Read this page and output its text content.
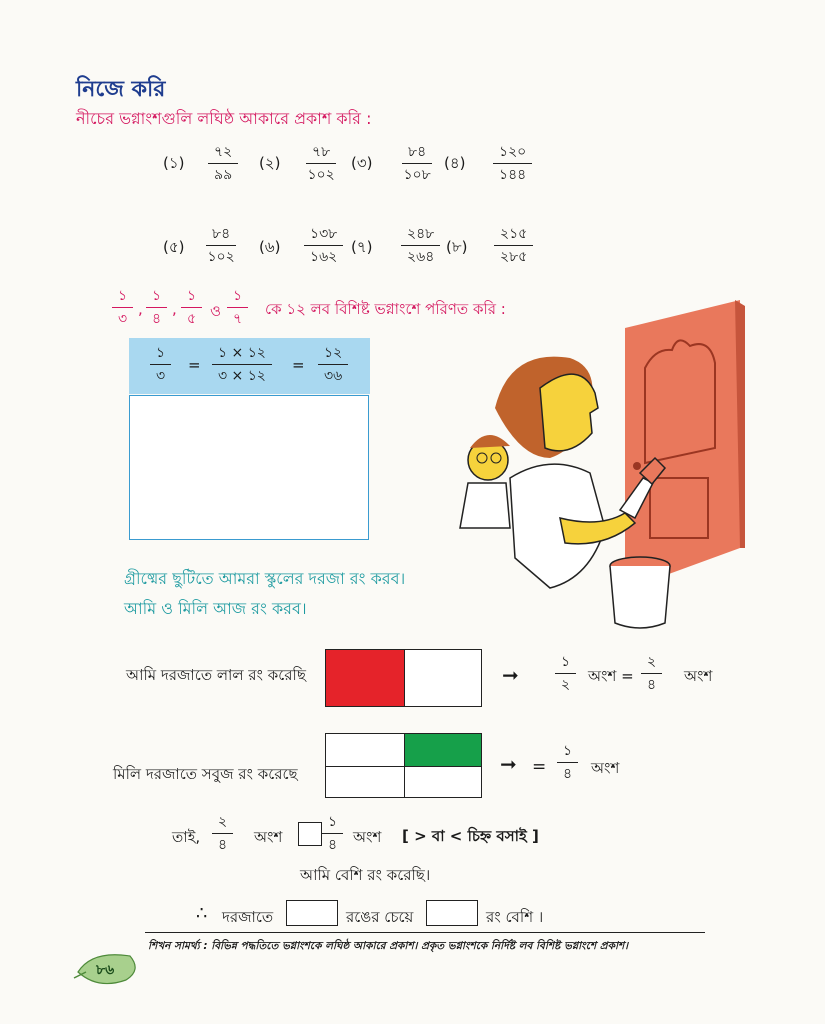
নিজে করি
নীচের ভগ্নাংশগুলি লঘিষ্ঠ আকারে প্রকাশ করি :
(১)
৭২
৯৯
(২)
৭৮
১০২
(৩)
৮৪
১০৮
(৪)
১২০
১৪৪
(৫)
৮৪
১০২
(৬)
১৩৮
১৬২
(৭)
২৪৮
২৬৪
(৮)
২১৫
২৮৫
১
৩
,
১
৪
,
১
৫ ও
১
৭
কে ১২ লব বিশিষ্ট ভগ্নাংশে পরিণত করি :
১
৩
=
১ × ১২
৩ × ১২
=
১২
৩৬
গ্রীষ্মের ছুটিতে আমরা স্কুলের দরজা রং করব।
আমি ও মিলি আজ রং করব।
আমি দরজাতে লাল রং করেছি	➞
১
২ অংশ =
২
৪ অংশ
মিলি দরজাতে সবুজ রং করেছে	➞ =
১
৪ অংশ
তাই,
২
৪ অংশ
১
৪ অংশ [ > বা < চিহ্ন বসাই ]
আমি বেশি রং করেছি।
∴ দরজাতে	রঙের চেয়ে	রং বেশি ।
শিখন সামর্থ্য : বিভিন্ন পদ্ধতিতে ভগ্নাংশকে লঘিষ্ঠ আকারে প্রকাশ। প্রকৃত ভগ্নাংশকে নির্দিষ্ট লব বিশিষ্ট ভগ্নাংশে প্রকাশ।
৮৬
